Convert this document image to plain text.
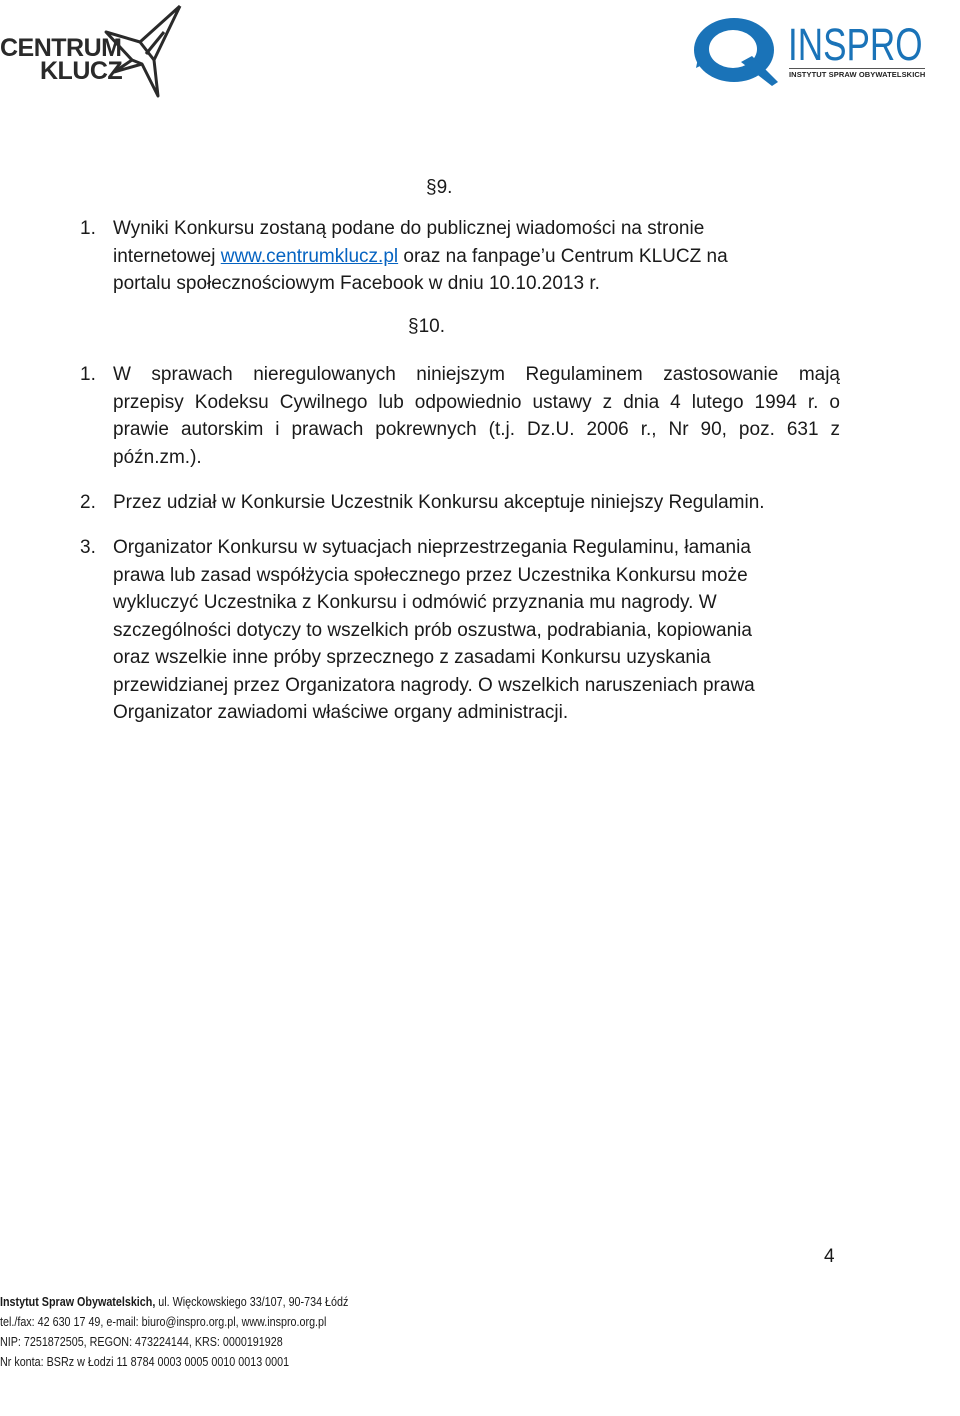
CENTRUM
KLUCZ
INSPRO
INSTYTUT SPRAW OBYWATELSKICH
§9.
1. Wyniki Konkursu zostaną podane do publicznej wiadomości na stronie
internetowej www.centrumklucz.pl oraz na fanpage’u Centrum KLUCZ na
portalu społecznościowym Facebook w dniu 10.10.2013 r.
§10.
1. W sprawach nieregulowanych niniejszym Regulaminem zastosowanie mają
przepisy Kodeksu Cywilnego lub odpowiednio ustawy z dnia 4 lutego 1994 r. o
prawie autorskim i prawach pokrewnych (t.j. Dz.U. 2006 r., Nr 90, poz. 631 z
późn.zm.).
2. Przez udział w Konkursie Uczestnik Konkursu akceptuje niniejszy Regulamin.
3. Organizator Konkursu w sytuacjach nieprzestrzegania Regulaminu, łamania
prawa lub zasad współżycia społecznego przez Uczestnika Konkursu może
wykluczyć Uczestnika z Konkursu i odmówić przyznania mu nagrody. W
szczególności dotyczy to wszelkich prób oszustwa, podrabiania, kopiowania
oraz wszelkie inne próby sprzecznego z zasadami Konkursu uzyskania
przewidzianej przez Organizatora nagrody. O wszelkich naruszeniach prawa
Organizator zawiadomi właściwe organy administracji.
4
Instytut Spraw Obywatelskich, ul. Więckowskiego 33/107, 90-734 Łódź
tel./fax: 42 630 17 49, e-mail: biuro@inspro.org.pl, www.inspro.org.pl
NIP: 7251872505, REGON: 473224144, KRS: 0000191928
Nr konta: BSRz w Łodzi 11 8784 0003 0005 0010 0013 0001
